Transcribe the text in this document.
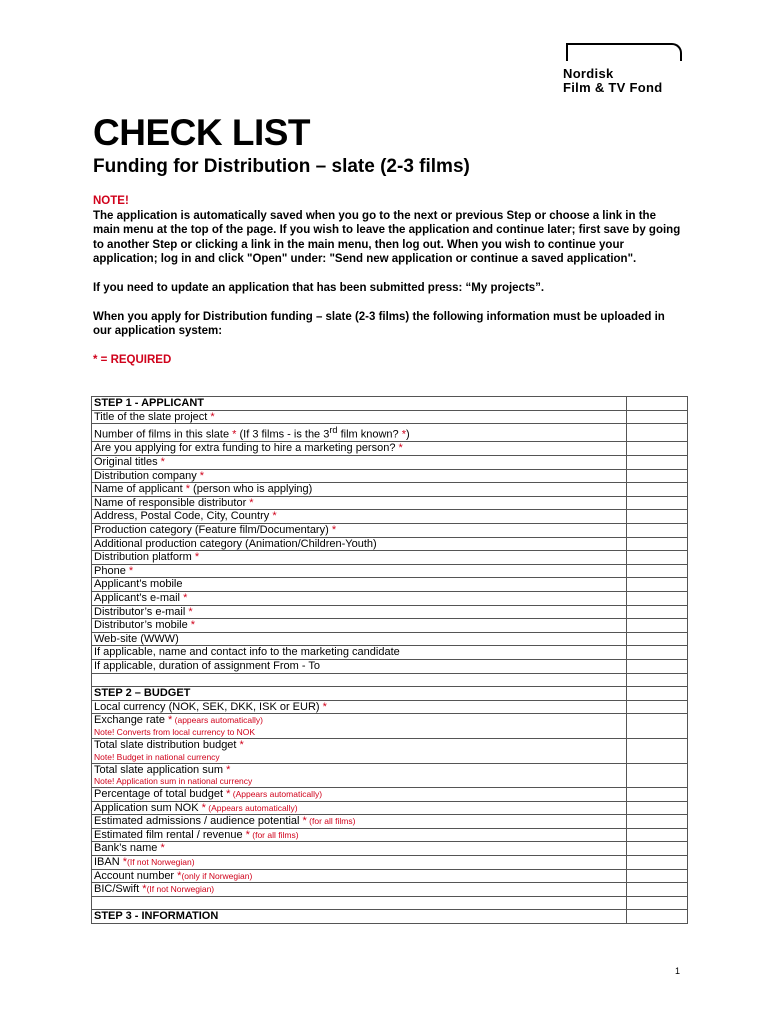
Nordisk
Film & TV Fond
CHECK LIST
Funding for Distribution – slate (2-3 films)

NOTE!

The application is automatically saved when you go to the next or previous Step or choose a link in the main menu at the top of the page. If you wish to leave the application and continue later; first save by going to another Step or clicking a link in the main menu, then log out. When you wish to continue your application; log in and click "Open" under: "Send new application or continue a saved application".

If you need to update an application that has been submitted press: “My projects”.

When you apply for Distribution funding – slate (2-3 films) the following information must be uploaded in our application system:

* = REQUIRED

STEP 1 - APPLICANT	
Title of the slate project *	
Number of films in this slate * (If 3 films - is the 3rd film known? *)	
Are you applying for extra funding to hire a marketing person? *	
Original titles *	
Distribution company *	
Name of applicant * (person who is applying)	
Name of responsible distributor *	
Address, Postal Code, City, Country *	
Production category (Feature film/Documentary) *	
Additional production category (Animation/Children-Youth)	
Distribution platform *	
Phone *	
Applicant’s mobile	
Applicant’s e-mail *	
Distributor’s e-mail *	
Distributor’s mobile *	
Web-site (WWW)	
If applicable, name and contact info to the marketing candidate	
If applicable, duration of assignment From - To	

STEP 2 – BUDGET	
Local currency (NOK, SEK, DKK, ISK or EUR) *	
Exchange rate * (appears automatically)
Note! Converts from local currency to NOK	

Total slate distribution budget *
Note! Budget in national currency	

Total slate application sum *
Note! Application sum in national currency	

Percentage of total budget * (Appears automatically)	
Application sum NOK * (Appears automatically)	
Estimated admissions / audience potential * (for all films)	
Estimated film rental / revenue * (for all films)	
Bank’s name *	
IBAN *(If not Norwegian)	
Account number *(only if Norwegian)	
BIC/Swift *(If not Norwegian)	

STEP 3 - INFORMATION	
1
